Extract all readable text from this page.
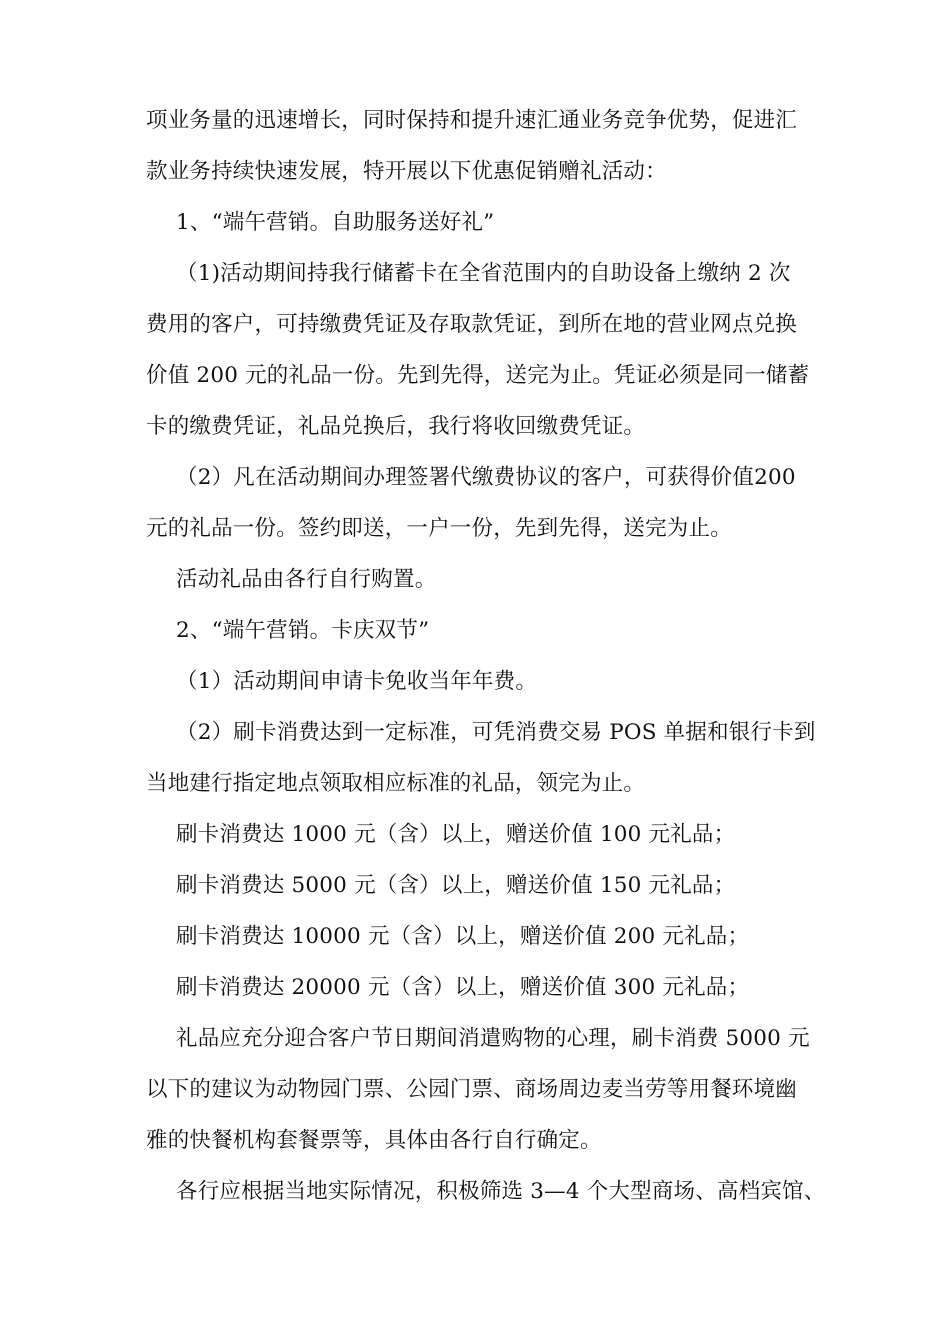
项业务量的迅速增长，同时保持和提升速汇通业务竞争优势，促进汇
款业务持续快速发展，特开展以下优惠促销赠礼活动：
1、“端午营销。自助服务送好礼”
（1)活动期间持我行储蓄卡在全省范围内的自助设备上缴纳 2 次
费用的客户，可持缴费凭证及存取款凭证，到所在地的营业网点兑换
价值 200 元的礼品一份。先到先得，送完为止。凭证必须是同一储蓄
卡的缴费凭证，礼品兑换后，我行将收回缴费凭证。
（2）凡在活动期间办理签署代缴费协议的客户，可获得价值200
元的礼品一份。签约即送，一户一份，先到先得，送完为止。
活动礼品由各行自行购置。
2、“端午营销。卡庆双节”
（1）活动期间申请卡免收当年年费。
（2）刷卡消费达到一定标准，可凭消费交易 POS 单据和银行卡到
当地建行指定地点领取相应标准的礼品，领完为止。
刷卡消费达 1000 元（含）以上，赠送价值 100 元礼品；
刷卡消费达 5000 元（含）以上，赠送价值 150 元礼品；
刷卡消费达 10000 元（含）以上，赠送价值 200 元礼品；
刷卡消费达 20000 元（含）以上，赠送价值 300 元礼品；
礼品应充分迎合客户节日期间消遣购物的心理，刷卡消费 5000 元
以下的建议为动物园门票、公园门票、商场周边麦当劳等用餐环境幽
雅的快餐机构套餐票等，具体由各行自行确定。
各行应根据当地实际情况，积极筛选 3—4 个大型商场、高档宾馆、
